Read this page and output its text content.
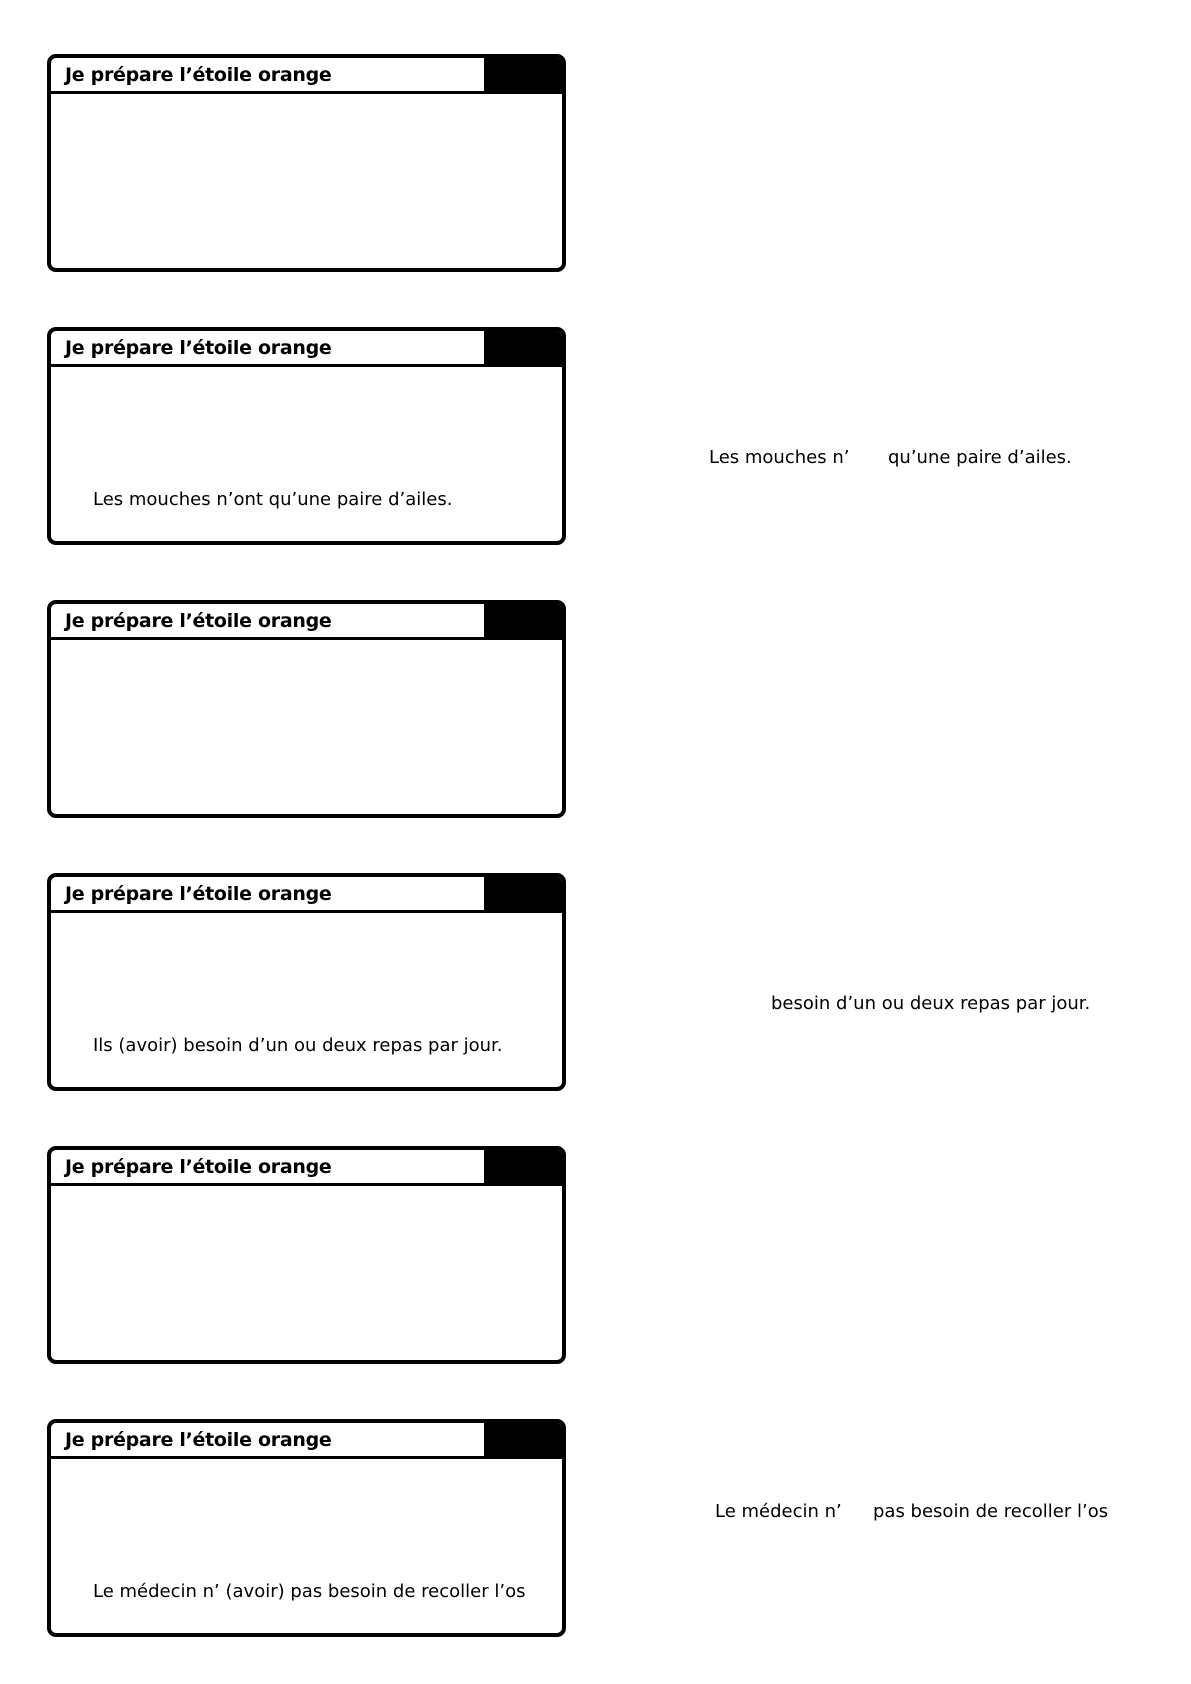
Je prépare l’étoile orange
Je prépare l’étoile orange
Les mouches n’ont qu’une paire d’ailes.
Je prépare l’étoile orange
Je prépare l’étoile orange
Ils (avoir) besoin d’un ou deux repas par jour.
Je prépare l’étoile orange
Je prépare l’étoile orange
Le médecin n’ (avoir) pas besoin de recoller l’os
Les mouches n’ qu’une paire d’ailes.
besoin d’un ou deux repas par jour.
Le médecin n’ pas besoin de recoller l’os
